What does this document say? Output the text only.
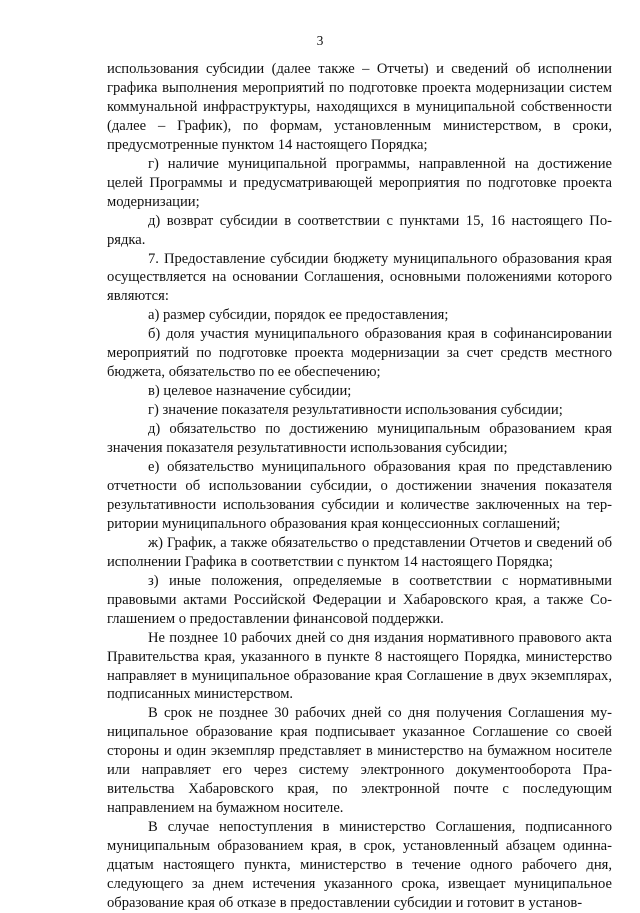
3

использования субсидии (далее также – Отчеты) и сведений об исполнении графика выполнения мероприятий по подготовке проекта модернизации систем коммунальной инфраструктуры, находящихся в муниципальной собственности (далее – График), по формам, установленным министерством, в сроки, предусмотренные пунктом 14 настоящего Порядка;

г) наличие муниципальной программы, направленной на достижение целей Программы и предусматривающей мероприятия по подготовке проекта модернизации;

д) возврат субсидии в соответствии с пунктами 15, 16 настоящего Порядка.

7. Предоставление субсидии бюджету муниципального образования края осуществляется на основании Соглашения, основными положениями которого являются:

а) размер субсидии, порядок ее предоставления;

б) доля участия муниципального образования края в софинансировании мероприятий по подготовке проекта модернизации за счет средств местного бюджета, обязательство по ее обеспечению;

в) целевое назначение субсидии;

г) значение показателя результативности использования субсидии;

д) обязательство по достижению муниципальным образованием края значения показателя результативности использования субсидии;

е) обязательство муниципального образования края по представлению отчетности об использовании субсидии, о достижении значения показателя результативности использования субсидии и количестве заключенных на территории муниципального образования края концессионных соглашений;

ж) График, а также обязательство о представлении Отчетов и сведений об исполнении Графика в соответствии с пунктом 14 настоящего Порядка;

з) иные положения, определяемые в соответствии с нормативными правовыми актами Российской Федерации и Хабаровского края, а также Соглашением о предоставлении финансовой поддержки.

Не позднее 10 рабочих дней со дня издания нормативного правового акта Правительства края, указанного в пункте 8 настоящего Порядка, министерство направляет в муниципальное образование края Соглашение в двух экземплярах, подписанных министерством.

В срок не позднее 30 рабочих дней со дня получения Соглашения муниципальное образование края подписывает указанное Соглашение со своей стороны и один экземпляр представляет в министерство на бумажном носителе или направляет его через систему электронного документооборота Правительства Хабаровского края, по электронной почте с последующим направлением на бумажном носителе.

В случае непоступления в министерство Соглашения, подписанного муниципальным образованием края, в срок, установленный абзацем одиннадцатым настоящего пункта, министерство в течение одного рабочего дня, следующего за днем истечения указанного срока, извещает муниципальное образование края об отказе в предоставлении субсидии и готовит в установ-
